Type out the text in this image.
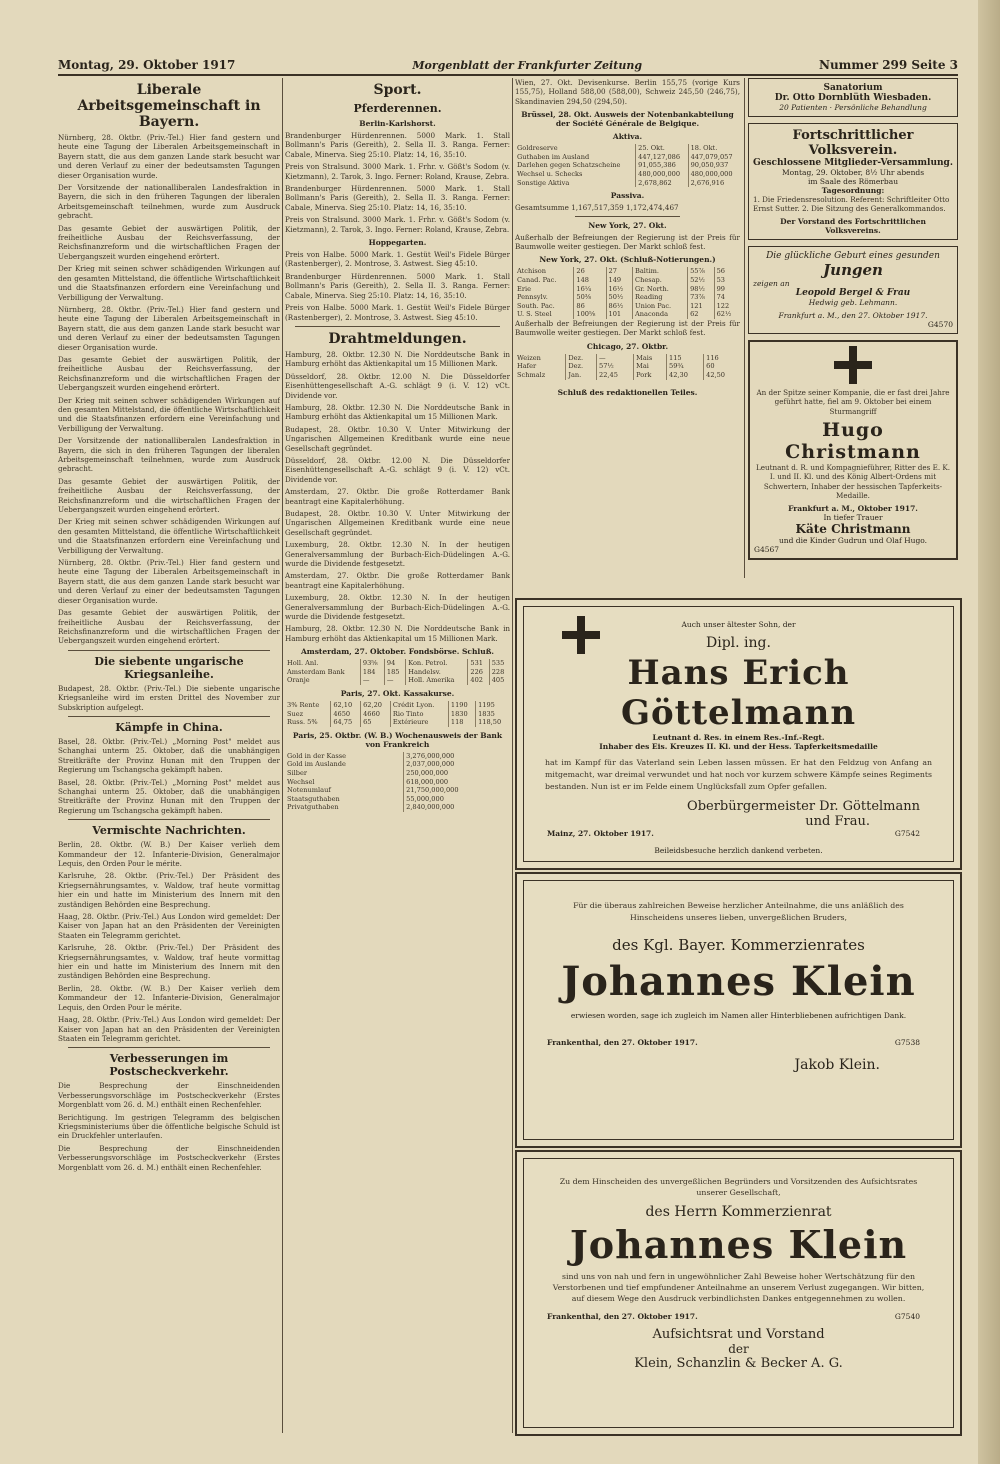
Montag, 29. Oktober 1917	Morgenblatt der Frankfurter Zeitung	Nummer 299 Seite 3
Liberale Arbeitsgemeinschaft in Bayern.

Nürnberg, 28. Oktbr. (Priv.-Tel.) Hier fand gestern und heute eine Tagung der Liberalen Arbeitsgemeinschaft in Bayern statt, die aus dem ganzen Lande stark besucht war und deren Verlauf zu einer der bedeutsamsten Tagungen dieser Organisation wurde.

Der Vorsitzende der nationalliberalen Landesfraktion in Bayern, die sich in den früheren Tagungen der liberalen Arbeitsgemeinschaft teilnehmen, wurde zum Ausdruck gebracht.

Das gesamte Gebiet der auswärtigen Politik, der freiheitliche Ausbau der Reichsverfassung, der Reichsfinanzreform und die wirtschaftlichen Fragen der Uebergangszeit wurden eingehend erörtert.

Der Krieg mit seinen schwer schädigenden Wirkungen auf den gesamten Mittelstand, die öffentliche Wirtschaftlichkeit und die Staatsfinanzen erfordern eine Vereinfachung und Verbilligung der Verwaltung.

Nürnberg, 28. Oktbr. (Priv.-Tel.) Hier fand gestern und heute eine Tagung der Liberalen Arbeitsgemeinschaft in Bayern statt, die aus dem ganzen Lande stark besucht war und deren Verlauf zu einer der bedeutsamsten Tagungen dieser Organisation wurde.

Das gesamte Gebiet der auswärtigen Politik, der freiheitliche Ausbau der Reichsverfassung, der Reichsfinanzreform und die wirtschaftlichen Fragen der Uebergangszeit wurden eingehend erörtert.

Der Krieg mit seinen schwer schädigenden Wirkungen auf den gesamten Mittelstand, die öffentliche Wirtschaftlichkeit und die Staatsfinanzen erfordern eine Vereinfachung und Verbilligung der Verwaltung.

Der Vorsitzende der nationalliberalen Landesfraktion in Bayern, die sich in den früheren Tagungen der liberalen Arbeitsgemeinschaft teilnehmen, wurde zum Ausdruck gebracht.

Das gesamte Gebiet der auswärtigen Politik, der freiheitliche Ausbau der Reichsverfassung, der Reichsfinanzreform und die wirtschaftlichen Fragen der Uebergangszeit wurden eingehend erörtert.

Der Krieg mit seinen schwer schädigenden Wirkungen auf den gesamten Mittelstand, die öffentliche Wirtschaftlichkeit und die Staatsfinanzen erfordern eine Vereinfachung und Verbilligung der Verwaltung.

Nürnberg, 28. Oktbr. (Priv.-Tel.) Hier fand gestern und heute eine Tagung der Liberalen Arbeitsgemeinschaft in Bayern statt, die aus dem ganzen Lande stark besucht war und deren Verlauf zu einer der bedeutsamsten Tagungen dieser Organisation wurde.

Das gesamte Gebiet der auswärtigen Politik, der freiheitliche Ausbau der Reichsverfassung, der Reichsfinanzreform und die wirtschaftlichen Fragen der Uebergangszeit wurden eingehend erörtert.

Die siebente ungarische Kriegsanleihe.

Budapest, 28. Oktbr. (Priv.-Tel.) Die siebente ungarische Kriegsanleihe wird im ersten Drittel des November zur Subskription aufgelegt.

Kämpfe in China.

Basel, 28. Oktbr. (Priv.-Tel.) „Morning Post" meldet aus Schanghai unterm 25. Oktober, daß die unabhängigen Streitkräfte der Provinz Hunan mit den Truppen der Regierung um Tschangscha gekämpft haben.

Basel, 28. Oktbr. (Priv.-Tel.) „Morning Post" meldet aus Schanghai unterm 25. Oktober, daß die unabhängigen Streitkräfte der Provinz Hunan mit den Truppen der Regierung um Tschangscha gekämpft haben.

Vermischte Nachrichten.

Berlin, 28. Oktbr. (W. B.) Der Kaiser verlieh dem Kommandeur der 12. Infanterie-Division, Generalmajor Lequis, den Orden Pour le mérite.

Karlsruhe, 28. Oktbr. (Priv.-Tel.) Der Präsident des Kriegsernährungsamtes, v. Waldow, traf heute vormittag hier ein und hatte im Ministerium des Innern mit den zuständigen Behörden eine Besprechung.

Haag, 28. Oktbr. (Priv.-Tel.) Aus London wird gemeldet: Der Kaiser von Japan hat an den Präsidenten der Vereinigten Staaten ein Telegramm gerichtet.

Karlsruhe, 28. Oktbr. (Priv.-Tel.) Der Präsident des Kriegsernährungsamtes, v. Waldow, traf heute vormittag hier ein und hatte im Ministerium des Innern mit den zuständigen Behörden eine Besprechung.

Berlin, 28. Oktbr. (W. B.) Der Kaiser verlieh dem Kommandeur der 12. Infanterie-Division, Generalmajor Lequis, den Orden Pour le mérite.

Haag, 28. Oktbr. (Priv.-Tel.) Aus London wird gemeldet: Der Kaiser von Japan hat an den Präsidenten der Vereinigten Staaten ein Telegramm gerichtet.

Verbesserungen im Postscheckverkehr.

Die Besprechung der Einschneidenden Verbesserungsvorschläge im Postscheckverkehr (Erstes Morgenblatt vom 26. d. M.) enthält einen Rechenfehler.

Berichtigung. Im gestrigen Telegramm des belgischen Kriegsministeriums über die öffentliche belgische Schuld ist ein Druckfehler unterlaufen.

Die Besprechung der Einschneidenden Verbesserungsvorschläge im Postscheckverkehr (Erstes Morgenblatt vom 26. d. M.) enthält einen Rechenfehler.

Sport.
Pferderennen.
Berlin-Karlshorst.

Brandenburger Hürdenrennen. 5000 Mark. 1. Stall Bollmann's Paris (Gereith), 2. Sella II. 3. Ranga. Ferner: Cabale, Minerva. Sieg 25:10. Platz: 14, 16, 35:10.

Preis von Stralsund. 3000 Mark. 1. Frhr. v. Gößt's Sodom (v. Kietzmann), 2. Tarok, 3. Ingo. Ferner: Roland, Krause, Zebra.

Brandenburger Hürdenrennen. 5000 Mark. 1. Stall Bollmann's Paris (Gereith), 2. Sella II. 3. Ranga. Ferner: Cabale, Minerva. Sieg 25:10. Platz: 14, 16, 35:10.

Preis von Stralsund. 3000 Mark. 1. Frhr. v. Gößt's Sodom (v. Kietzmann), 2. Tarok, 3. Ingo. Ferner: Roland, Krause, Zebra.

Hoppegarten.

Preis von Halbe. 5000 Mark. 1. Gestüt Weil's Fidele Bürger (Rastenberger), 2. Montrose, 3. Astwest. Sieg 45:10.

Brandenburger Hürdenrennen. 5000 Mark. 1. Stall Bollmann's Paris (Gereith), 2. Sella II. 3. Ranga. Ferner: Cabale, Minerva. Sieg 25:10. Platz: 14, 16, 35:10.

Preis von Halbe. 5000 Mark. 1. Gestüt Weil's Fidele Bürger (Rastenberger), 2. Montrose, 3. Astwest. Sieg 45:10.

Drahtmeldungen.

Hamburg, 28. Oktbr. 12.30 N. Die Norddeutsche Bank in Hamburg erhöht das Aktienkapital um 15 Millionen Mark.

Düsseldorf, 28. Oktbr. 12.00 N. Die Düsseldorfer Eisenhüttengesellschaft A.-G. schlägt 9 (i. V. 12) vCt. Dividende vor.

Hamburg, 28. Oktbr. 12.30 N. Die Norddeutsche Bank in Hamburg erhöht das Aktienkapital um 15 Millionen Mark.

Budapest, 28. Oktbr. 10.30 V. Unter Mitwirkung der Ungarischen Allgemeinen Kreditbank wurde eine neue Gesellschaft gegründet.

Düsseldorf, 28. Oktbr. 12.00 N. Die Düsseldorfer Eisenhüttengesellschaft A.-G. schlägt 9 (i. V. 12) vCt. Dividende vor.

Amsterdam, 27. Oktbr. Die große Rotterdamer Bank beantragt eine Kapitalerhöhung.

Budapest, 28. Oktbr. 10.30 V. Unter Mitwirkung der Ungarischen Allgemeinen Kreditbank wurde eine neue Gesellschaft gegründet.

Luxemburg, 28. Oktbr. 12.30 N. In der heutigen Generalversammlung der Burbach-Eich-Düdelingen A.-G. wurde die Dividende festgesetzt.

Amsterdam, 27. Oktbr. Die große Rotterdamer Bank beantragt eine Kapitalerhöhung.

Luxemburg, 28. Oktbr. 12.30 N. In der heutigen Generalversammlung der Burbach-Eich-Düdelingen A.-G. wurde die Dividende festgesetzt.

Hamburg, 28. Oktbr. 12.30 N. Die Norddeutsche Bank in Hamburg erhöht das Aktienkapital um 15 Millionen Mark.

Amsterdam, 27. Oktober. Fondsbörse. Schluß.
Holl. Anl.	93⅝	94	Kon. Petrol.	531	535
Amsterdam Bank	184	185	Handelsv.	226	228
Oranje	—	—	Holl. Amerika	402	405
Paris, 27. Okt. Kassakurse.
3% Rente	62,10	62,20	Crédit Lyon.	1190	1195
Suez	4650	4660	Rio Tinto	1830	1835
Russ. 5%	64,75	65	Extérieure	118	118,50
Paris, 25. Oktbr. (W. B.) Wochenausweis der Bank von Frankreich
Gold in der Kasse	3,276,000,000
Gold im Auslande	2,037,000,000
Silber	250,000,000
Wechsel	618,000,000
Notenumlauf	21,750,000,000
Staatsguthaben	55,000,000
Privatguthaben	2,840,000,000

Wien, 27. Okt. Devisenkurse. Berlin 155,75 (vorige Kurs 155,75), Holland 588,00 (588,00), Schweiz 245,50 (246,75), Skandinavien 294,50 (294,50).

Brüssel, 28. Okt. Ausweis der Notenbankabteilung der Société Générale de Belgique.
Aktiva.
Goldreserve	25. Okt.	18. Okt.
Guthaben im Ausland	447,127,086	447,079,057
Darlehen gegen Schatzscheine	91,055,386	90,050,937
Wechsel u. Schecks	480,000,000	480,000,000
Sonstige Aktiva	2,678,862	2,676,916
Passiva.
Gesamtsumme 1,167,517,359 1,172,474,467
New York, 27. Okt.

Außerhalb der Befreiungen der Regierung ist der Preis für Baumwolle weiter gestiegen. Der Markt schloß fest.

New York, 27. Okt. (Schluß-Notierungen.)
Atchison	26	27	Baltim.	55⅞	56
Canad. Pac.	148	149	Chesap.	52½	53
Erie	16¼	16½	Gr. North.	98½	99
Pennsylv.	50⅜	50½	Reading	73⅞	74
South. Pac.	86	86½	Union Pac.	121	122
U. S. Steel	100⅝	101	Anaconda	62	62½

Außerhalb der Befreiungen der Regierung ist der Preis für Baumwolle weiter gestiegen. Der Markt schloß fest.

Chicago, 27. Oktbr.
Weizen	Dez.	—	Mais	115	116
Hafer	Dez.	57½	Mai	59¾	60
Schmalz	Jan.	22,45	Pork	42,30	42,50
Schluß des redaktionellen Teiles.
Sanatorium
Dr. Otto Dornblüth Wiesbaden.
20 Patienten · Persönliche Behandlung
Fortschrittlicher Volksverein.
Geschlossene Mitglieder-Versammlung.
Montag, 29. Oktober, 8½ Uhr abends
im Saale des Römerbau
Tagesordnung:
1. Die Friedensresolution. Referent: Schriftleiter Otto Ernst Sutter. 2. Die Sitzung des Generalkommandos.
Der Vorstand des Fortschrittlichen Volksvereins.
Die glückliche Geburt eines gesunden
Jungen
zeigen an
Leopold Bergel & Frau
Hedwig geb. Lehmann.
Frankfurt a. M., den 27. Oktober 1917.
G4570
An der Spitze seiner Kompanie, die er fast drei Jahre geführt hatte, fiel am 9. Oktober bei einem Sturmangriff
Hugo Christmann
Leutnant d. R. und Kompagnieführer, Ritter des E. K. I. und II. Kl. und des König Albert-Ordens mit Schwertern, Inhaber der hessischen Tapferkeits-Medaille.
Frankfurt a. M., Oktober 1917.
In tiefer Trauer
Käte Christmann
und die Kinder Gudrun und Olaf Hugo.
G4567
Auch unser ältester Sohn, der
Dipl. ing.
Hans Erich Göttelmann
Leutnant d. Res. in einem Res.-Inf.-Regt.
Inhaber des Eis. Kreuzes II. Kl. und der Hess. Tapferkeitsmedaille
hat im Kampf für das Vaterland sein Leben lassen müssen. Er hat den Feldzug von Anfang an mitgemacht, war dreimal verwundet und hat noch vor kurzem schwere Kämpfe seines Regiments bestanden. Nun ist er im Felde einem Unglücksfall zum Opfer gefallen.
Oberbürgermeister Dr. Göttelmann
und Frau.
Mainz, 27. Oktober 1917.	G7542
Beileidsbesuche herzlich dankend verbeten.
Für die überaus zahlreichen Beweise herzlicher Anteilnahme, die uns anläßlich des Hinscheidens unseres lieben, unvergeßlichen Bruders,
des Kgl. Bayer. Kommerzienrates
Johannes Klein
erwiesen worden, sage ich zugleich im Namen aller Hinterbliebenen aufrichtigen Dank.
Frankenthal, den 27. Oktober 1917.	G7538
Jakob Klein.
Zu dem Hinscheiden des unvergeßlichen Begründers und Vorsitzenden des Aufsichtsrates unserer Gesellschaft,
des Herrn Kommerzienrat
Johannes Klein
sind uns von nah und fern in ungewöhnlicher Zahl Beweise hoher Wertschätzung für den Verstorbenen und tief empfundener Anteilnahme an unserem Verlust zugegangen. Wir bitten, auf diesem Wege den Ausdruck verbindlichsten Dankes entgegennehmen zu wollen.
Frankenthal, den 27. Oktober 1917.	G7540
Aufsichtsrat und Vorstand
der
Klein, Schanzlin & Becker A. G.
